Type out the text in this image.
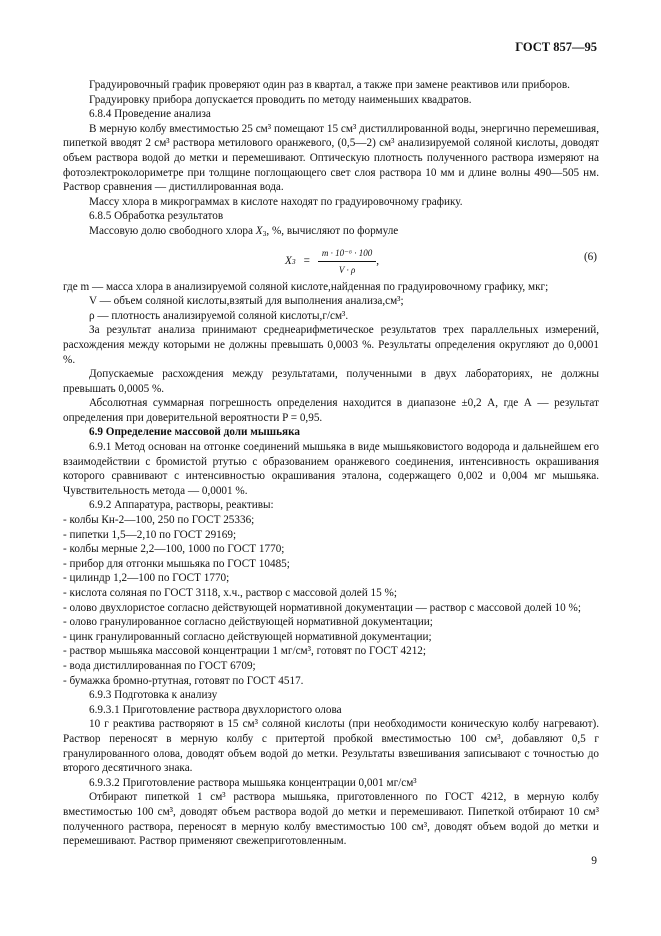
ГОСТ 857—95

Градуировочный график проверяют один раз в квартал, а также при замене реактивов или приборов.

Градуировку прибора допускается проводить по методу наименьших квадратов.

6.8.4 Проведение анализа

В мерную колбу вместимостью 25 см³ помещают 15 см³ дистиллированной воды, энергично перемешивая, пипеткой вводят 2 см³ раствора метилового оранжевого, (0,5—2) см³ анализируемой соляной кислоты, доводят объем раствора водой до метки и перемешивают. Оптическую плотность полученного раствора измеряют на фотоэлектроколориметре при толщине поглощающего свет слоя раствора 10 мм и длине волны 490—505 нм. Раствор сравнения — дистиллированная вода.

Массу хлора в микрограммах в кислоте находят по градуировочному графику.

6.8.5 Обработка результатов

Массовую долю свободного хлора $X_3$, %, вычисляют по формуле

X $3 = \frac{\text{m · 10⁻⁶ · 100}}{V \cdot \rho}$ ,	(6)

где m — масса хлора в анализируемой соляной кислоте,найденная по градуировочному графику, мкг;

V — объем соляной кислоты,взятый для выполнения анализа,см³;

ρ — плотность анализируемой соляной кислоты,г/см³.

За результат анализа принимают среднеарифметическое результатов трех параллельных измерений, расхождения между которыми не должны превышать 0,0003 %. Результаты определения округляют до 0,0001 %.

Допускаемые расхождения между результатами, полученными в двух лабораториях, не должны превышать 0,0005 %.

Абсолютная суммарная погрешность определения находится в диапазоне ±0,2 А, где А — результат определения при доверительной вероятности P = 0,95.

6.9 Определение массовой доли мышьяка

6.9.1 Метод основан на отгонке соединений мышьяка в виде мышьяковистого водорода и дальнейшем его взаимодействии с бромистой ртутью с образованием оранжевого соединения, интенсивность окрашивания которого сравнивают с интенсивностью окрашивания эталона, содержащего 0,002 и 0,004 мг мышьяка. Чувствительность метода — 0,0001 %.

6.9.2 Аппаратура, растворы, реактивы:

- колбы Кн-2—100, 250 по ГОСТ 25336;

- пипетки 1,5—2,10 по ГОСТ 29169;

- колбы мерные 2,2—100, 1000 по ГОСТ 1770;

- прибор для отгонки мышьяка по ГОСТ 10485;

- цилиндр 1,2—100 по ГОСТ 1770;

- кислота соляная по ГОСТ 3118, х.ч., раствор с массовой долей 15 %;

- олово двухлористое согласно действующей нормативной документации — раствор с массовой долей 10 %;

- олово гранулированное согласно действующей нормативной документации;

- цинк гранулированный согласно действующей нормативной документации;

- раствор мышьяка массовой концентрации 1 мг/см³, готовят по ГОСТ 4212;

- вода дистиллированная по ГОСТ 6709;

- бумажка бромно-ртутная, готовят по ГОСТ 4517.

6.9.3 Подготовка к анализу

6.9.3.1 Приготовление раствора двухлористого олова

10 г реактива растворяют в 15 см³ соляной кислоты (при необходимости коническую колбу нагревают). Раствор переносят в мерную колбу с притертой пробкой вместимостью 100 см³, добавляют 0,5 г гранулированного олова, доводят объем водой до метки. Результаты взвешивания записывают с точностью до второго десятичного знака.

6.9.3.2 Приготовление раствора мышьяка концентрации 0,001 мг/см³

Отбирают пипеткой 1 см³ раствора мышьяка, приготовленного по ГОСТ 4212, в мерную колбу вместимостью 100 см³, доводят объем раствора водой до метки и перемешивают. Пипеткой отбирают 10 см³ полученного раствора, переносят в мерную колбу вместимостью 100 см³, доводят объем водой до метки и перемешивают. Раствор применяют свежеприготовленным.

9
